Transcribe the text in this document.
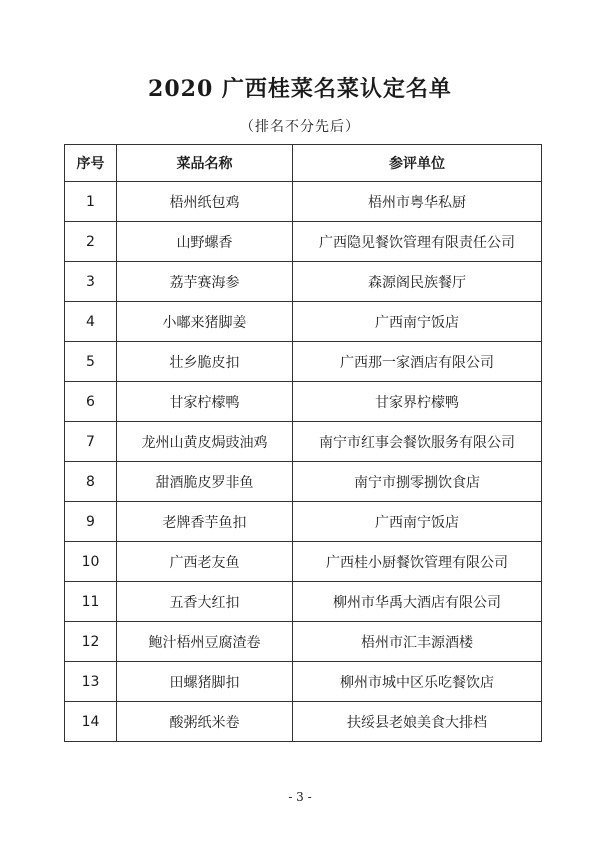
2020 广西桂菜名菜认定名单
（排名不分先后）
序号	菜品名称	参评单位
1	梧州纸包鸡	梧州市粤华私厨
2	山野螺香	广西隐见餐饮管理有限责任公司
3	荔芋赛海参	森源阁民族餐厅
4	小嘟来猪脚姜	广西南宁饭店
5	壮乡脆皮扣	广西那一家酒店有限公司
6	甘家柠檬鸭	甘家界柠檬鸭
7	龙州山黄皮焗豉油鸡	南宁市红事会餐饮服务有限公司
8	甜酒脆皮罗非鱼	南宁市捌零捌饮食店
9	老牌香芋鱼扣	广西南宁饭店
10	广西老友鱼	广西桂小厨餐饮管理有限公司
11	五香大红扣	柳州市华禹大酒店有限公司
12	鲍汁梧州豆腐渣卷	梧州市汇丰源酒楼
13	田螺猪脚扣	柳州市城中区乐吃餐饮店
14	酸粥纸米卷	扶绥县老娘美食大排档
- 3 -
